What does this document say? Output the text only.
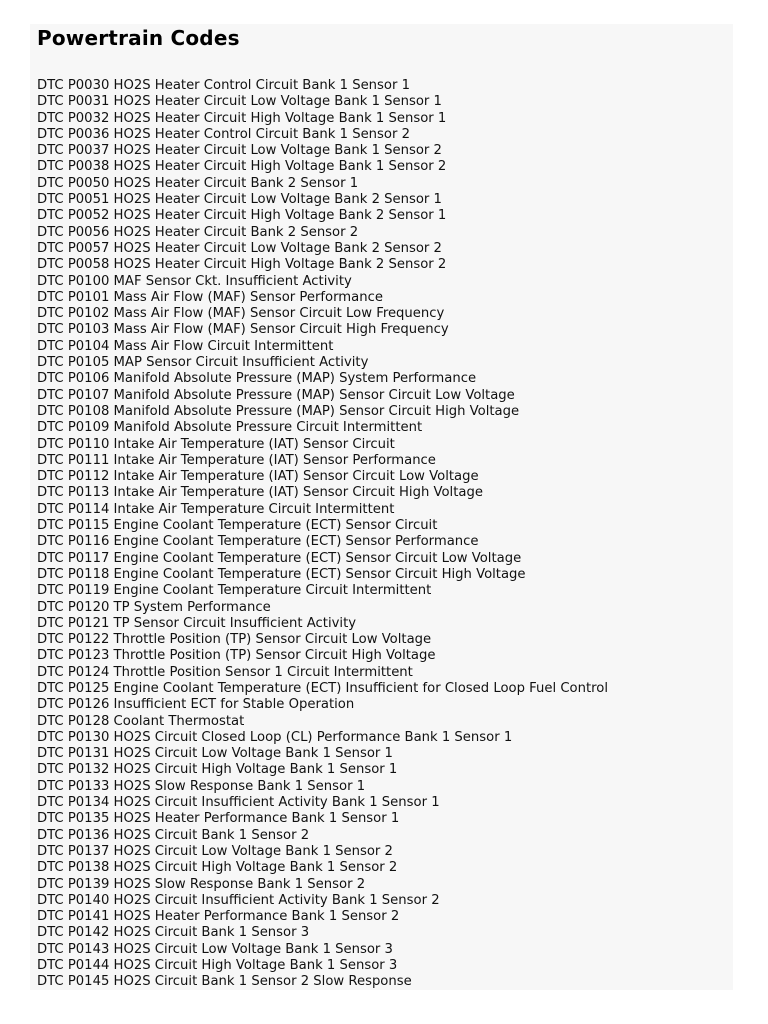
Powertrain Codes
DTC P0030 HO2S Heater Control Circuit Bank 1 Sensor 1
DTC P0031 HO2S Heater Circuit Low Voltage Bank 1 Sensor 1
DTC P0032 HO2S Heater Circuit High Voltage Bank 1 Sensor 1
DTC P0036 HO2S Heater Control Circuit Bank 1 Sensor 2
DTC P0037 HO2S Heater Circuit Low Voltage Bank 1 Sensor 2
DTC P0038 HO2S Heater Circuit High Voltage Bank 1 Sensor 2
DTC P0050 HO2S Heater Circuit Bank 2 Sensor 1
DTC P0051 HO2S Heater Circuit Low Voltage Bank 2 Sensor 1
DTC P0052 HO2S Heater Circuit High Voltage Bank 2 Sensor 1
DTC P0056 HO2S Heater Circuit Bank 2 Sensor 2
DTC P0057 HO2S Heater Circuit Low Voltage Bank 2 Sensor 2
DTC P0058 HO2S Heater Circuit High Voltage Bank 2 Sensor 2
DTC P0100 MAF Sensor Ckt. Insufficient Activity
DTC P0101 Mass Air Flow (MAF) Sensor Performance
DTC P0102 Mass Air Flow (MAF) Sensor Circuit Low Frequency
DTC P0103 Mass Air Flow (MAF) Sensor Circuit High Frequency
DTC P0104 Mass Air Flow Circuit Intermittent
DTC P0105 MAP Sensor Circuit Insufficient Activity
DTC P0106 Manifold Absolute Pressure (MAP) System Performance
DTC P0107 Manifold Absolute Pressure (MAP) Sensor Circuit Low Voltage
DTC P0108 Manifold Absolute Pressure (MAP) Sensor Circuit High Voltage
DTC P0109 Manifold Absolute Pressure Circuit Intermittent
DTC P0110 Intake Air Temperature (IAT) Sensor Circuit
DTC P0111 Intake Air Temperature (IAT) Sensor Performance
DTC P0112 Intake Air Temperature (IAT) Sensor Circuit Low Voltage
DTC P0113 Intake Air Temperature (IAT) Sensor Circuit High Voltage
DTC P0114 Intake Air Temperature Circuit Intermittent
DTC P0115 Engine Coolant Temperature (ECT) Sensor Circuit
DTC P0116 Engine Coolant Temperature (ECT) Sensor Performance
DTC P0117 Engine Coolant Temperature (ECT) Sensor Circuit Low Voltage
DTC P0118 Engine Coolant Temperature (ECT) Sensor Circuit High Voltage
DTC P0119 Engine Coolant Temperature Circuit Intermittent
DTC P0120 TP System Performance
DTC P0121 TP Sensor Circuit Insufficient Activity
DTC P0122 Throttle Position (TP) Sensor Circuit Low Voltage
DTC P0123 Throttle Position (TP) Sensor Circuit High Voltage
DTC P0124 Throttle Position Sensor 1 Circuit Intermittent
DTC P0125 Engine Coolant Temperature (ECT) Insufficient for Closed Loop Fuel Control
DTC P0126 Insufficient ECT for Stable Operation
DTC P0128 Coolant Thermostat
DTC P0130 HO2S Circuit Closed Loop (CL) Performance Bank 1 Sensor 1
DTC P0131 HO2S Circuit Low Voltage Bank 1 Sensor 1
DTC P0132 HO2S Circuit High Voltage Bank 1 Sensor 1
DTC P0133 HO2S Slow Response Bank 1 Sensor 1
DTC P0134 HO2S Circuit Insufficient Activity Bank 1 Sensor 1
DTC P0135 HO2S Heater Performance Bank 1 Sensor 1
DTC P0136 HO2S Circuit Bank 1 Sensor 2
DTC P0137 HO2S Circuit Low Voltage Bank 1 Sensor 2
DTC P0138 HO2S Circuit High Voltage Bank 1 Sensor 2
DTC P0139 HO2S Slow Response Bank 1 Sensor 2
DTC P0140 HO2S Circuit Insufficient Activity Bank 1 Sensor 2
DTC P0141 HO2S Heater Performance Bank 1 Sensor 2
DTC P0142 HO2S Circuit Bank 1 Sensor 3
DTC P0143 HO2S Circuit Low Voltage Bank 1 Sensor 3
DTC P0144 HO2S Circuit High Voltage Bank 1 Sensor 3
DTC P0145 HO2S Circuit Bank 1 Sensor 2 Slow Response
